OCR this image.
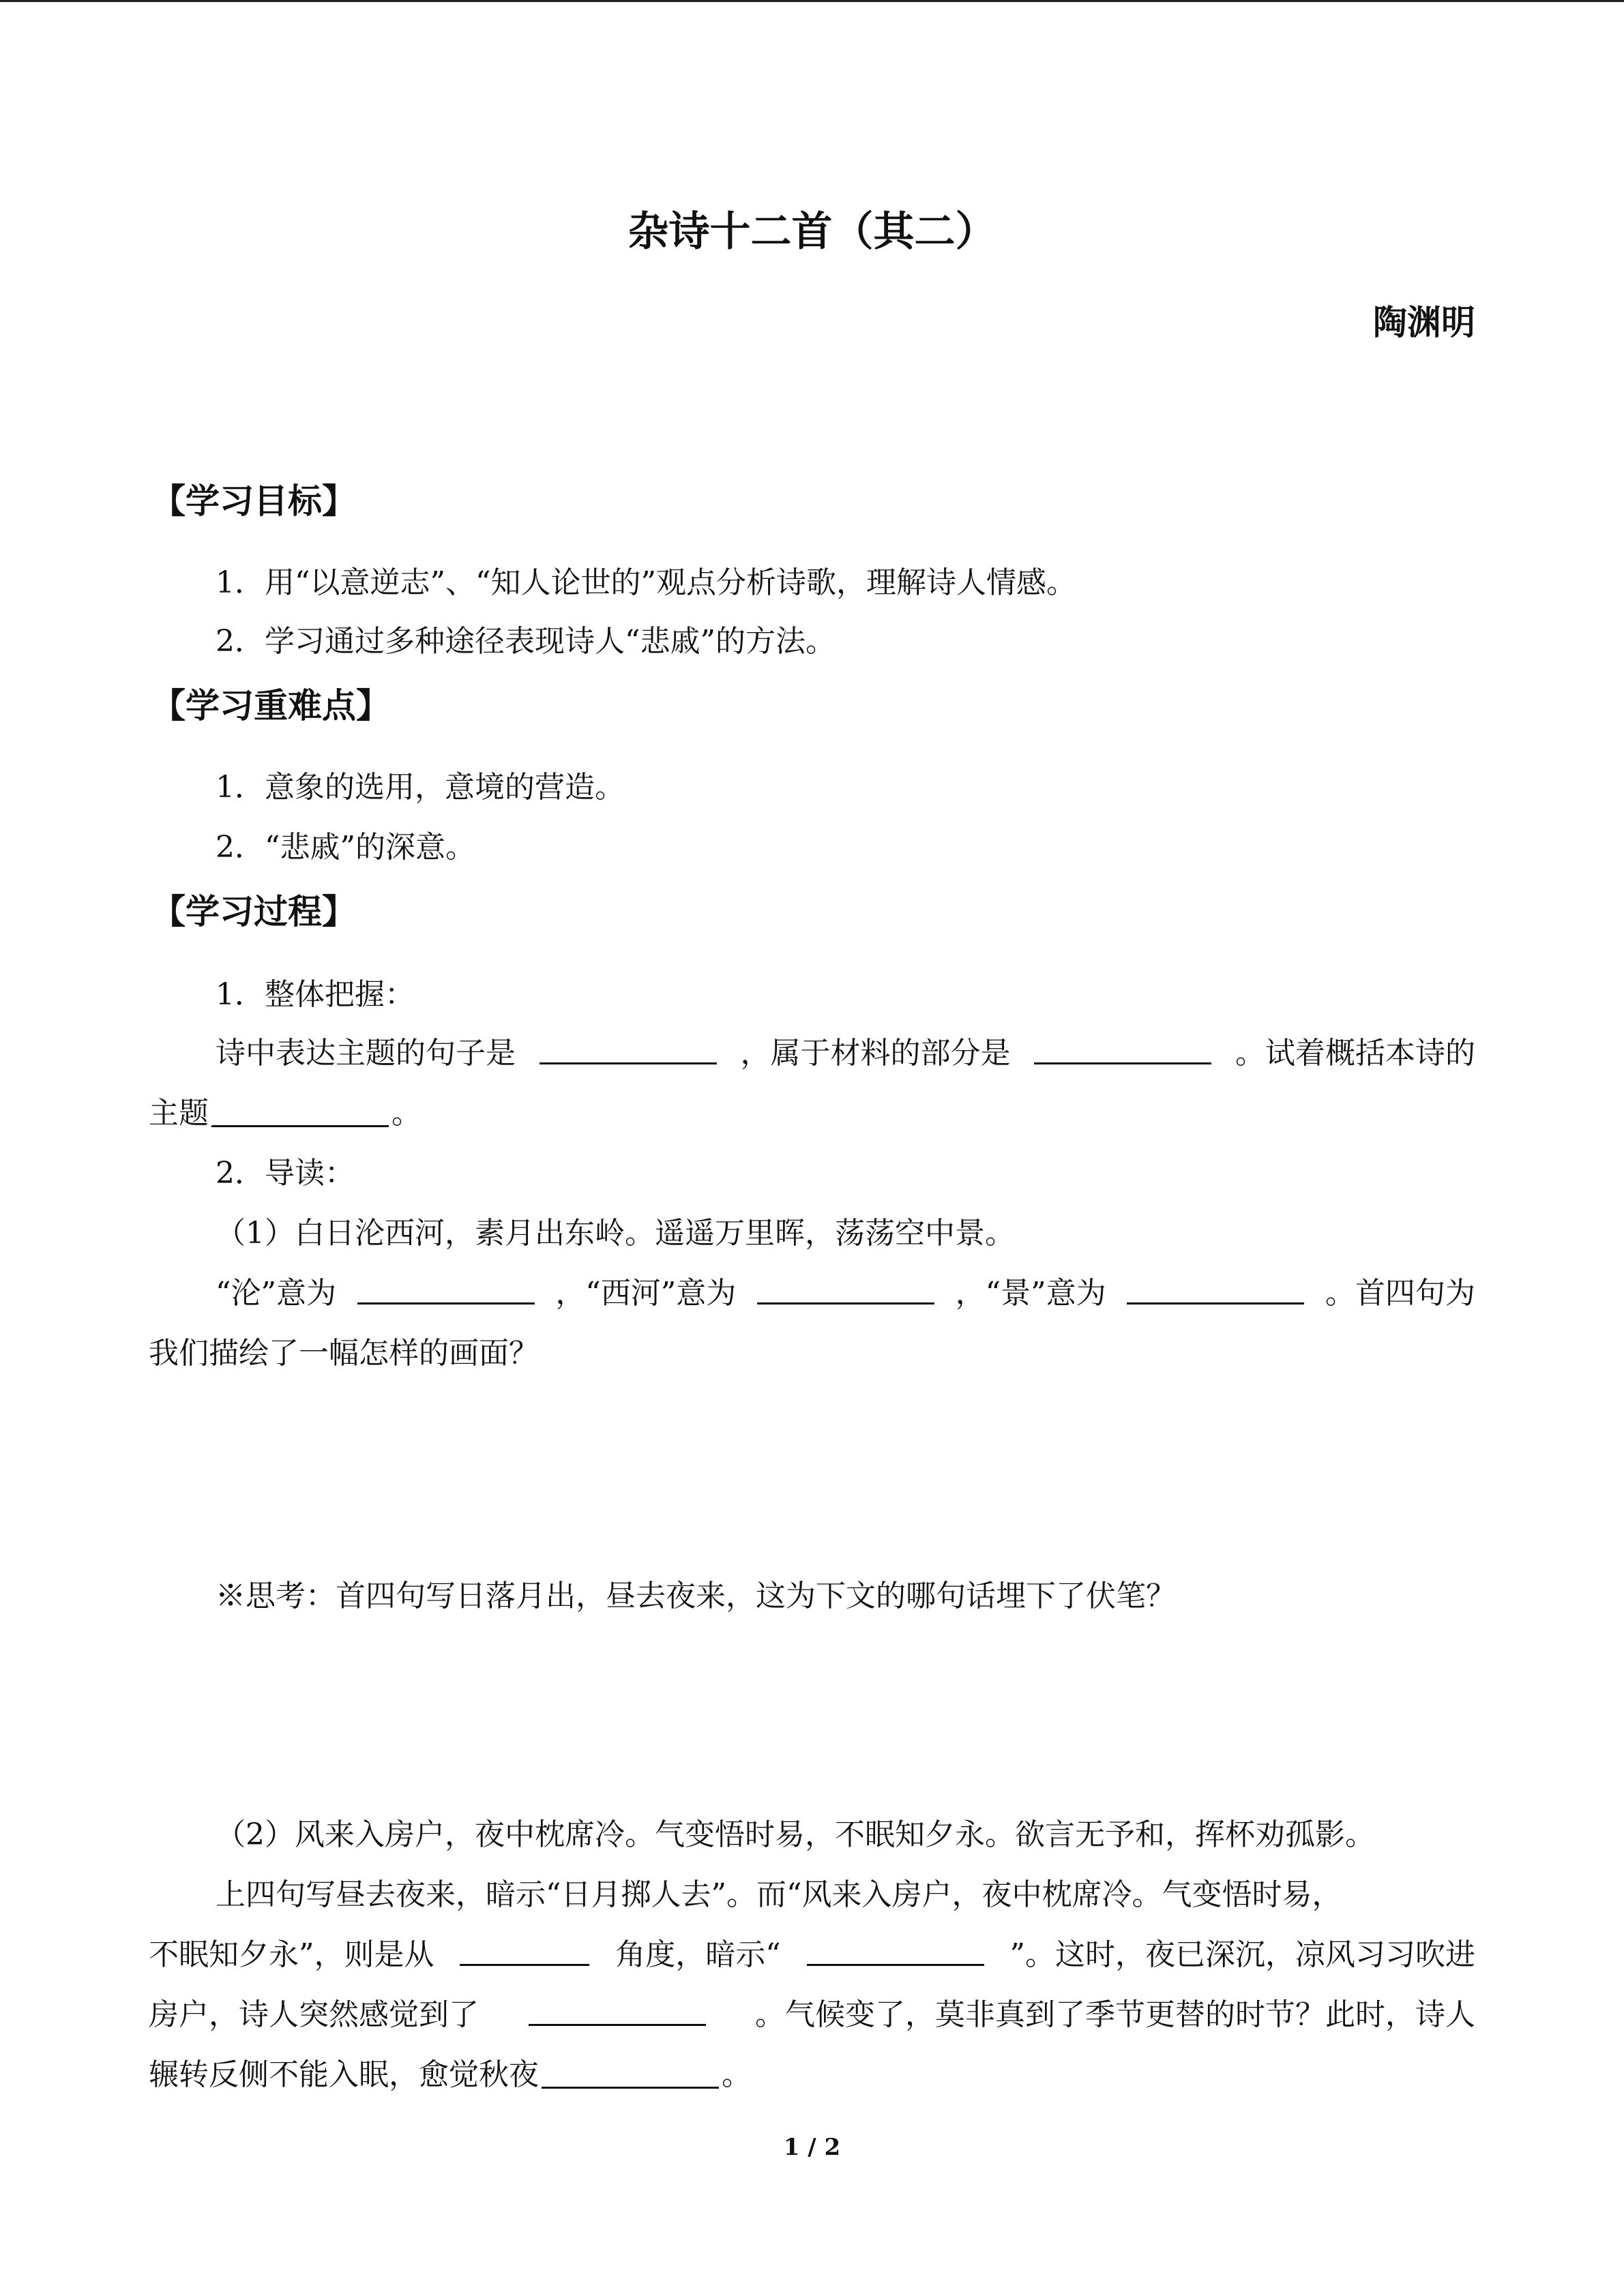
杂诗十二首（其二）
陶渊明
【学习目标】
1．用“以意逆志”、“知人论世的”观点分析诗歌，理解诗人情感。
2．学习通过多种途径表现诗人“悲戚”的方法。
【学习重难点】
1．意象的选用，意境的营造。
2．“悲戚”的深意。
【学习过程】
1．整体把握：
诗中表达主题的句子是	，属于材料的部分是	。试着概括本诗的
主题	。
2．导读：
（1）白日沦西河，素月出东岭。遥遥万里晖，荡荡空中景。
“沦”意为	，“西河”意为	，“景”意为	。首四句为
我们描绘了一幅怎样的画面？
※思考：首四句写日落月出，昼去夜来，这为下文的哪句话埋下了伏笔？
（2）风来入房户，夜中枕席冷。气变悟时易，不眠知夕永。欲言无予和，挥杯劝孤影。
上四句写昼去夜来，暗示“日月掷人去”。而“风来入房户，夜中枕席冷。气变悟时易，
不眠知夕永”，则是从	角度，暗示“	”。这时，夜已深沉，凉风习习吹进
房户，诗人突然感觉到了	。气候变了，莫非真到了季节更替的时节？此时，诗人
辗转反侧不能入眠，愈觉秋夜	。
1 / 2
